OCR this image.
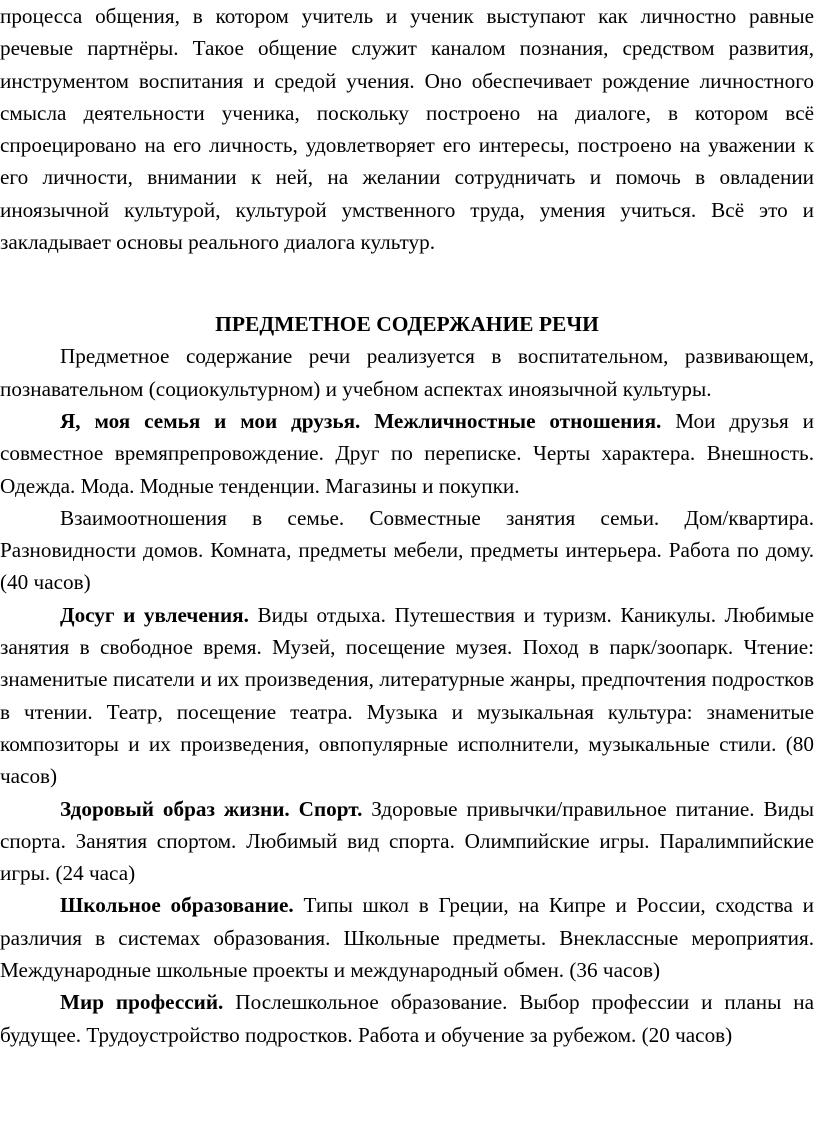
процесса общения, в котором учитель и ученик выступают как личностно равные речевые партнёры. Такое общение служит каналом познания, средством развития, инструментом воспитания и средой учения. Оно обеспечивает рождение личностного смысла деятельности ученика, поскольку построено на диалоге, в котором всё спроецировано на его личность, удовлетворяет его интересы, построено на уважении к его личности, внимании к ней, на желании сотрудничать и помочь в овладении иноязычной культурой, культурой умственного труда, умения учиться. Всё это и закладывает основы реального диалога культур.

ПРЕДМЕТНОЕ СОДЕРЖАНИЕ РЕЧИ

Предметное содержание речи реализуется в воспитательном, развивающем, познавательном (социокультурном) и учебном аспектах иноязычной культуры.

Я, моя семья и мои друзья. Межличностные отношения. Мои друзья и совместное времяпрепровождение. Друг по переписке. Черты характера. Внешность. Одежда. Мода. Модные тенденции. Магазины и покупки.

Взаимоотношения в семье. Совместные занятия семьи. Дом/квартира. Разновидности домов. Комната, предметы мебели, предметы интерьера. Работа по дому. (40 часов)

Досуг и увлечения. Виды отдыха. Путешествия и туризм. Каникулы. Любимые занятия в свободное время. Музей, посещение музея. Поход в парк/зоопарк. Чтение: знаменитые писатели и их произведения, литературные жанры, предпочтения подростков в чтении. Театр, посещение театра. Музыка и музыкальная культура: знаменитые композиторы и их произведения, овпопулярные исполнители, музыкальные стили. (80 часов)

Здоровый образ жизни. Спорт. Здоровые привычки/правильное питание. Виды спорта. Занятия спортом. Любимый вид спорта. Олимпийские игры. Паралимпийские игры. (24 часа)

Школьное образование. Типы школ в Греции, на Кипре и России, сходства и различия в системах образования. Школьные предметы. Внеклассные мероприятия. Международные школьные проекты и международный обмен. (36 часов)

Мир профессий. Послешкольное образование. Выбор профессии и планы на будущее. Трудоустройство подростков. Работа и обучение за рубежом. (20 часов)
